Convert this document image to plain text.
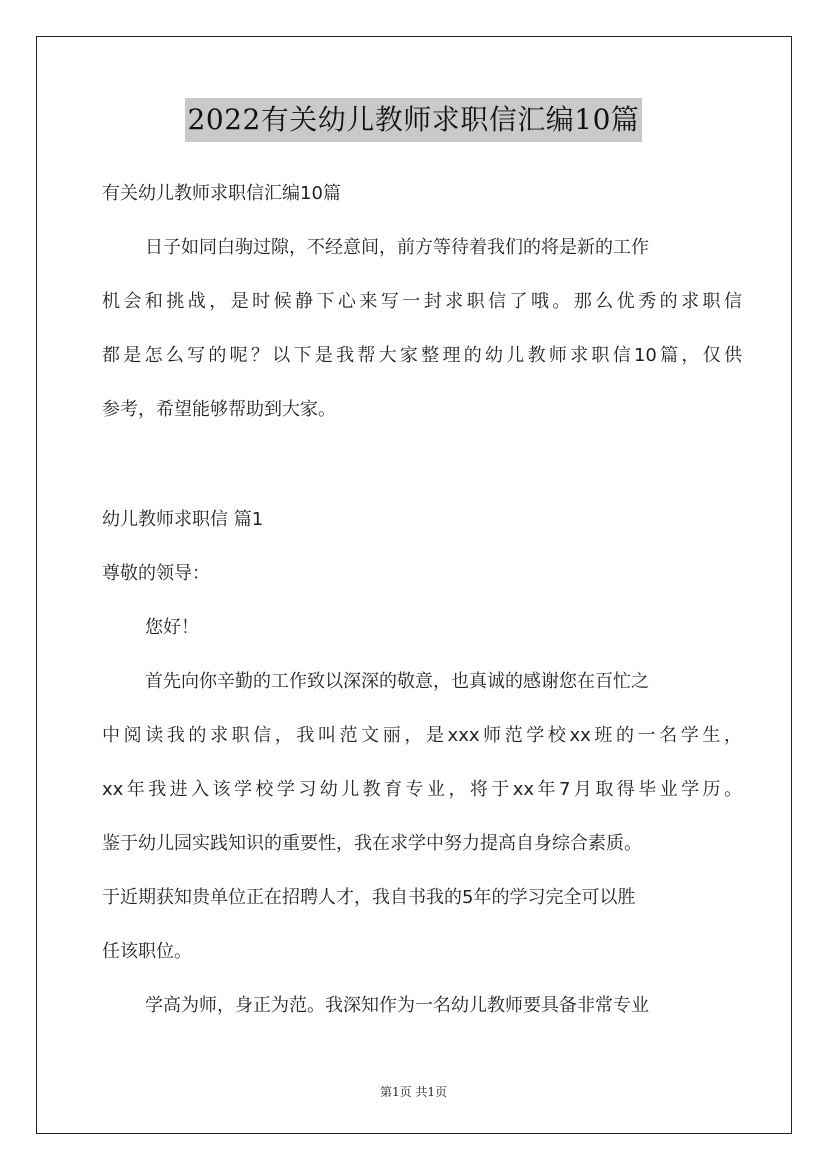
2022有关幼儿教师求职信汇编10篇
有关幼儿教师求职信汇编10篇
日子如同白驹过隙，不经意间，前方等待着我们的将是新的工作
机会和挑战，是时候静下心来写一封求职信了哦。那么优秀的求职信
都是怎么写的呢？以下是我帮大家整理的幼儿教师求职信10篇，仅供
参考，希望能够帮助到大家。
幼儿教师求职信 篇1
尊敬的领导：
您好！
首先向你辛勤的工作致以深深的敬意，也真诚的感谢您在百忙之
中阅读我的求职信，我叫范文丽，是xxx师范学校xx班的一名学生，
xx年我进入该学校学习幼儿教育专业，将于xx年7月取得毕业学历。
鉴于幼儿园实践知识的重要性，我在求学中努力提高自身综合素质。
于近期获知贵单位正在招聘人才，我自书我的5年的学习完全可以胜
任该职位。
学高为师，身正为范。我深知作为一名幼儿教师要具备非常专业
第1页 共1页
